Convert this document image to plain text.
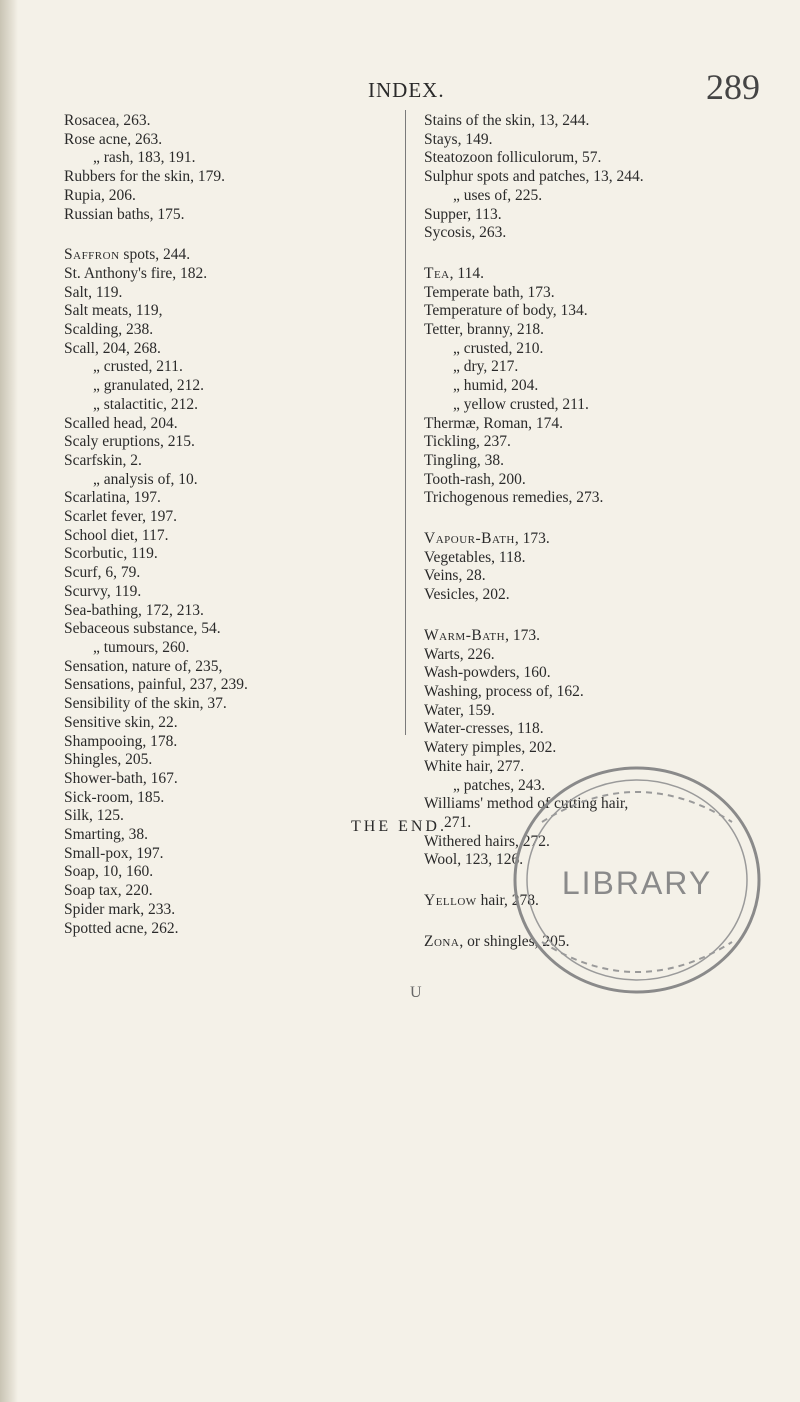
INDEX.	289
Rosacea, 263.
Rose acne, 263.
„ rash, 183, 191.
Rubbers for the skin, 179.
Rupia, 206.
Russian baths, 175.
Saffron spots, 244.
St. Anthony's fire, 182.
Salt, 119.
Salt meats, 119,
Scalding, 238.
Scall, 204, 268.
„ crusted, 211.
„ granulated, 212.
„ stalactitic, 212.
Scalled head, 204.
Scaly eruptions, 215.
Scarfskin, 2.
„ analysis of, 10.
Scarlatina, 197.
Scarlet fever, 197.
School diet, 117.
Scorbutic, 119.
Scurf, 6, 79.
Scurvy, 119.
Sea-bathing, 172, 213.
Sebaceous substance, 54.
„ tumours, 260.
Sensation, nature of, 235,
Sensations, painful, 237, 239.
Sensibility of the skin, 37.
Sensitive skin, 22.
Shampooing, 178.
Shingles, 205.
Shower-bath, 167.
Sick-room, 185.
Silk, 125.
Smarting, 38.
Small-pox, 197.
Soap, 10, 160.
Soap tax, 220.
Spider mark, 233.
Spotted acne, 262.
Stains of the skin, 13, 244.
Stays, 149.
Steatozoon folliculorum, 57.
Sulphur spots and patches, 13, 244.
„ uses of, 225.
Supper, 113.
Sycosis, 263.
Tea, 114.
Temperate bath, 173.
Temperature of body, 134.
Tetter, branny, 218.
„ crusted, 210.
„ dry, 217.
„ humid, 204.
„ yellow crusted, 211.
Thermæ, Roman, 174.
Tickling, 237.
Tingling, 38.
Tooth-rash, 200.
Trichogenous remedies, 273.
Vapour-Bath, 173.
Vegetables, 118.
Veins, 28.
Vesicles, 202.
Warm-Bath, 173.
Warts, 226.
Wash-powders, 160.
Washing, process of, 162.
Water, 159.
Water-cresses, 118.
Watery pimples, 202.
White hair, 277.
„ patches, 243.
Williams' method of cutting hair,
271.
Withered hairs, 272.
Wool, 123, 126.
Yellow hair, 278.
Zona, or shingles, 205.
THE END.
U
LIBRARY
